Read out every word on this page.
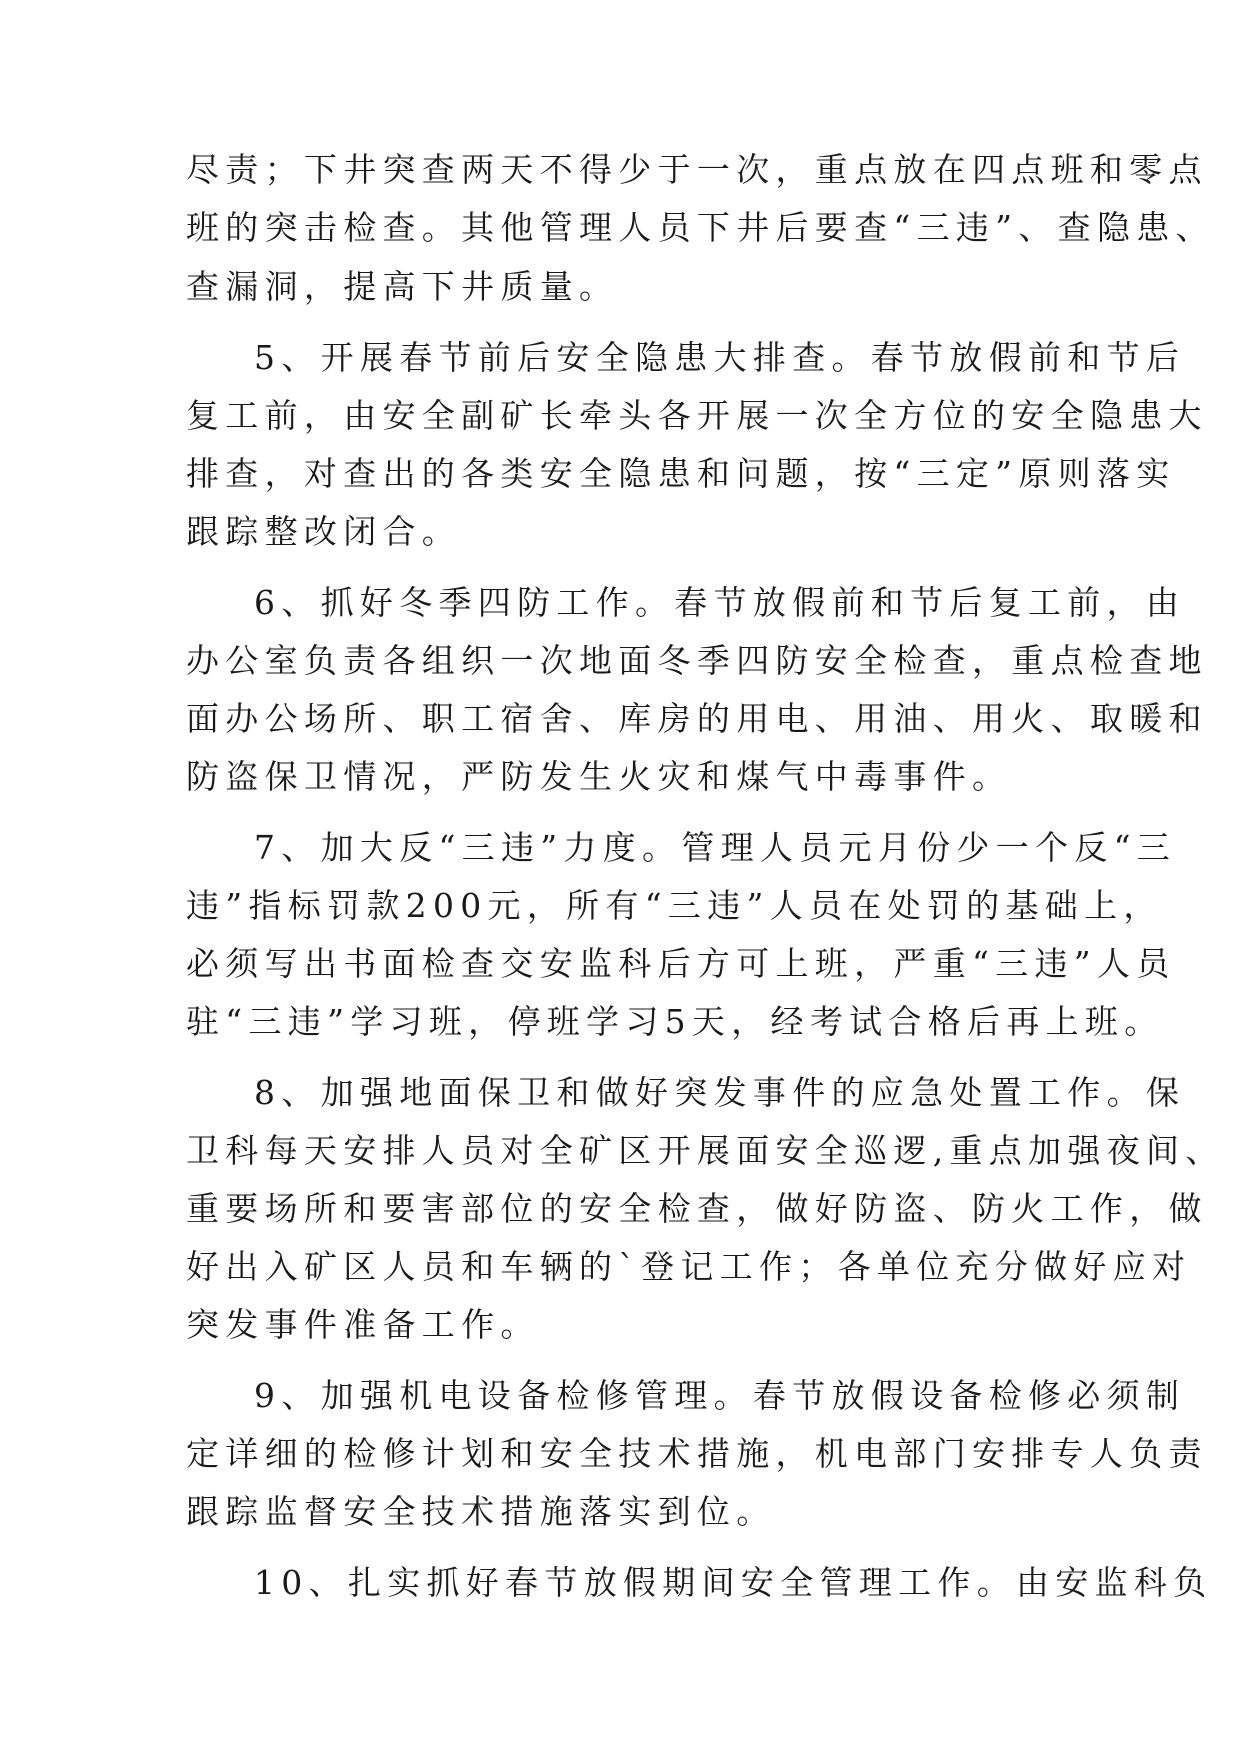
尽责；下井突查两天不得少于一次，重点放在四点班和零点
班的突击检查。其他管理人员下井后要查“三违”、查隐患、
查漏洞，提高下井质量。
5、开展春节前后安全隐患大排查。春节放假前和节后
复工前，由安全副矿长牵头各开展一次全方位的安全隐患大
排查，对查出的各类安全隐患和问题，按“三定”原则落实
跟踪整改闭合。
6、抓好冬季四防工作。春节放假前和节后复工前，由
办公室负责各组织一次地面冬季四防安全检查，重点检查地
面办公场所、职工宿舍、库房的用电、用油、用火、取暖和
防盗保卫情况，严防发生火灾和煤气中毒事件。
7、加大反“三违”力度。管理人员元月份少一个反“三
违”指标罚款200元，所有“三违”人员在处罚的基础上，
必须写出书面检查交安监科后方可上班，严重“三违”人员
驻“三违”学习班，停班学习5天，经考试合格后再上班。
8、加强地面保卫和做好突发事件的应急处置工作。保
卫科每天安排人员对全矿区开展面安全巡逻,重点加强夜间、
重要场所和要害部位的安全检查，做好防盗、防火工作，做
好出入矿区人员和车辆的`登记工作；各单位充分做好应对
突发事件准备工作。
9、加强机电设备检修管理。春节放假设备检修必须制
定详细的检修计划和安全技术措施，机电部门安排专人负责
跟踪监督安全技术措施落实到位。
10、扎实抓好春节放假期间安全管理工作。由安监科负
